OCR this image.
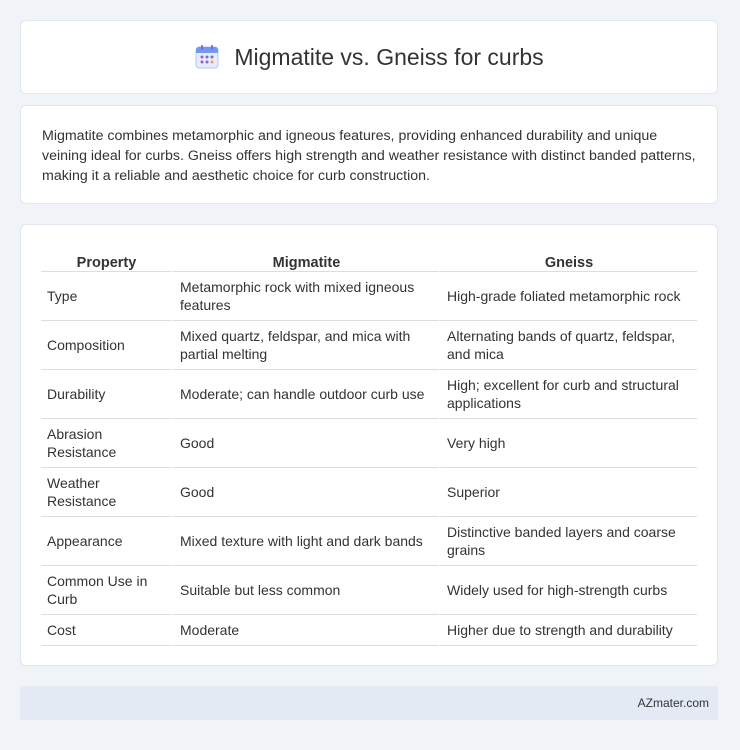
Migmatite vs. Gneiss for curbs

Migmatite combines metamorphic and igneous features, providing enhanced durability and unique veining ideal for curbs. Gneiss offers high strength and weather resistance with distinct banded patterns, making it a reliable and aesthetic choice for curb construction.

Property	Migmatite	Gneiss
Type	Metamorphic rock with mixed igneous features	High-grade foliated metamorphic rock
Composition	Mixed quartz, feldspar, and mica with partial melting	Alternating bands of quartz, feldspar, and mica
Durability	Moderate; can handle outdoor curb use	High; excellent for curb and structural applications
Abrasion Resistance	Good	Very high
Weather Resistance	Good	Superior
Appearance	Mixed texture with light and dark bands	Distinctive banded layers and coarse grains
Common Use in Curb	Suitable but less common	Widely used for high-strength curbs
Cost	Moderate	Higher due to strength and durability
AZmater.com
